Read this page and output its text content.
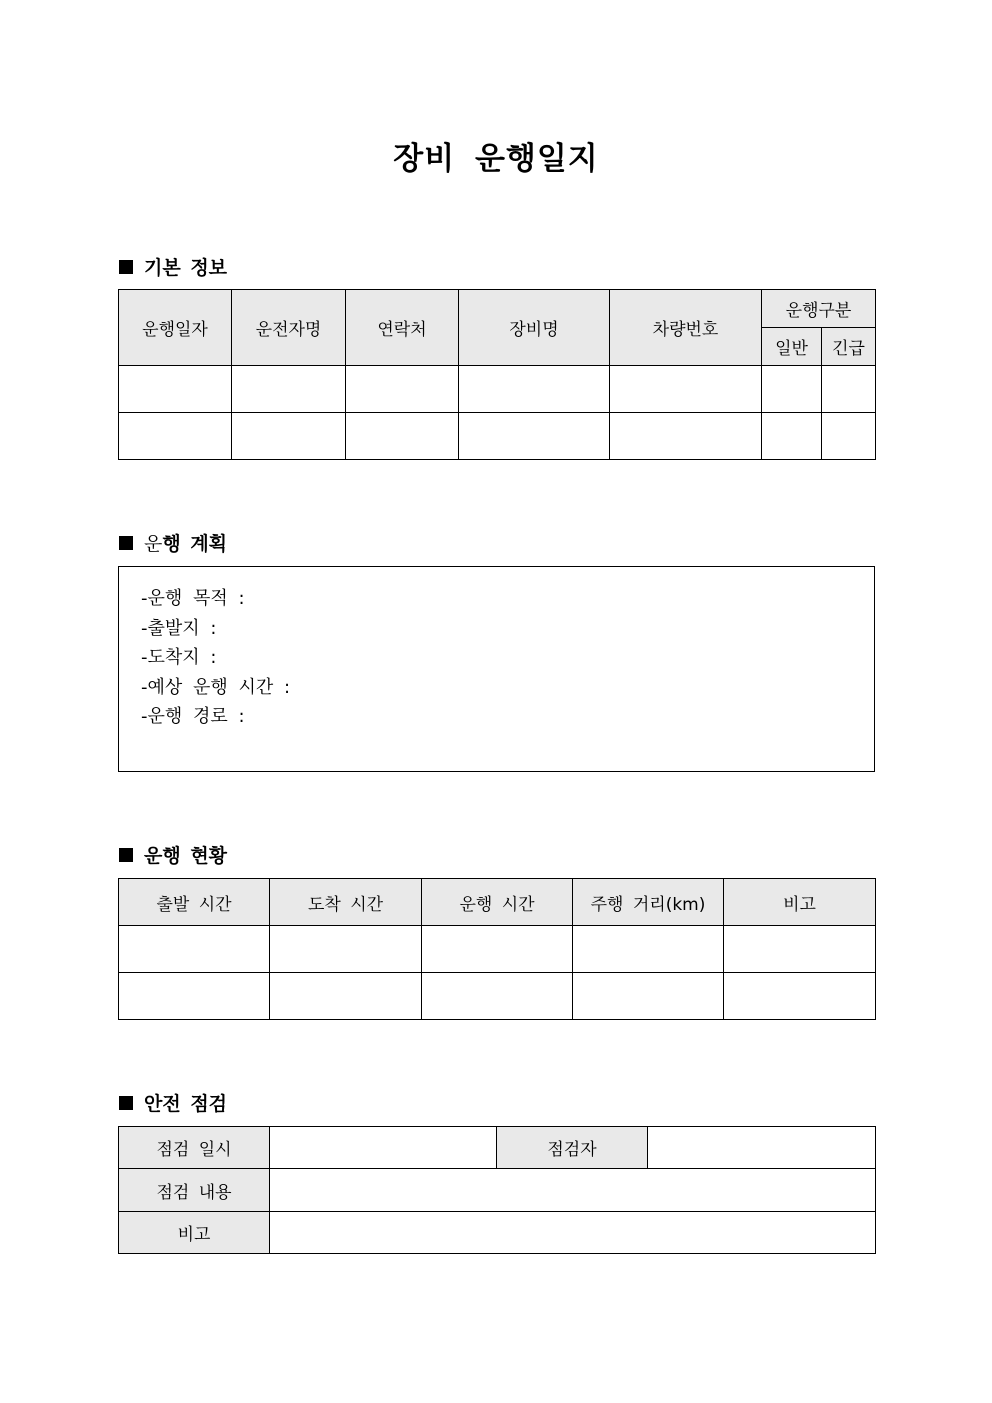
장비 운행일지
기본 정보
운행일자	운전자명	연락처	장비명	차량번호	운행구분	
					일반	긴급

운행 계획
-운행 목적 :
-출발지 :
-도착지 :
-예상 운행 시간 :
-운행 경로 :
운행 현황
출발 시간	도착 시간	운행 시간	주행 거리(km)	비고

안전 점검
점검 일시		점검자	
점검 내용			
비고			
